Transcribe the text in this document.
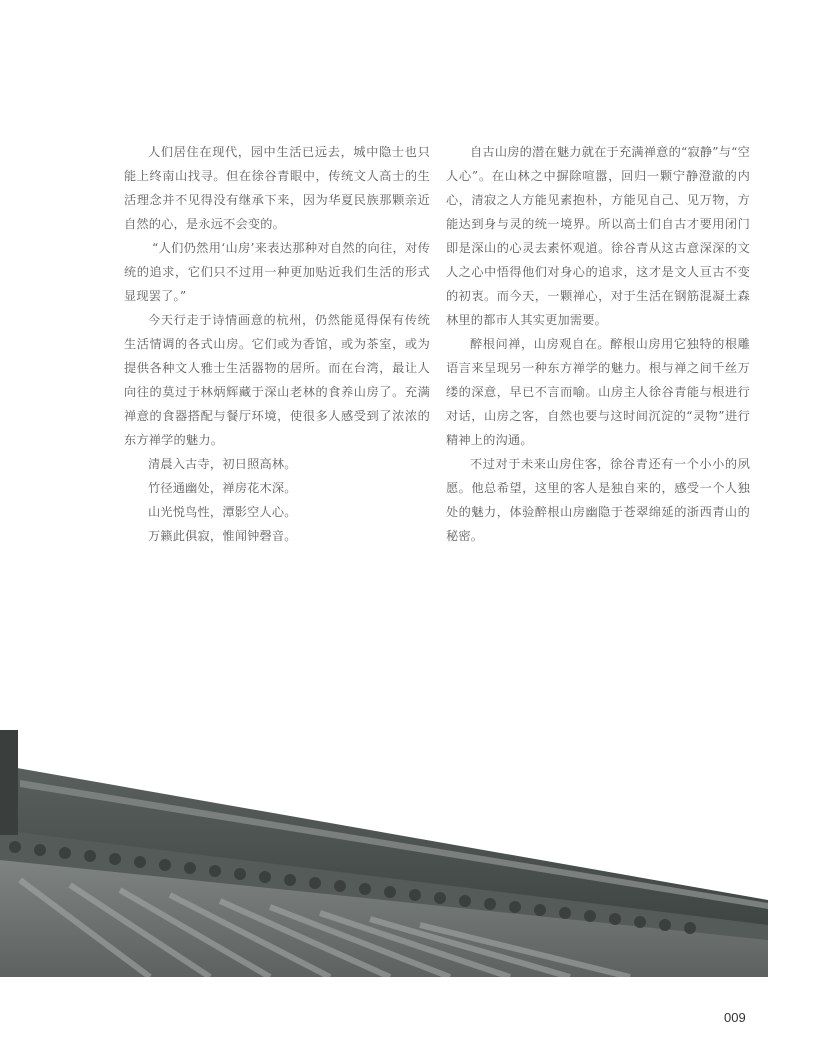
人们居住在现代，园中生活已远去，城中隐士也只能上终南山找寻。但在徐谷青眼中，传统文人高士的生活理念并不见得没有继承下来，因为华夏民族那颗亲近自然的心，是永远不会变的。

“人们仍然用‘山房’来表达那种对自然的向往，对传统的追求，它们只不过用一种更加贴近我们生活的形式显现罢了。”

今天行走于诗情画意的杭州，仍然能觅得保有传统生活情调的各式山房。它们或为香馆，或为茶室，或为提供各种文人雅士生活器物的居所。而在台湾，最让人向往的莫过于林炳辉藏于深山老林的食养山房了。充满禅意的食器搭配与餐厅环境，使很多人感受到了浓浓的东方禅学的魅力。

清晨入古寺，初日照高林。

竹径通幽处，禅房花木深。

山光悦鸟性，潭影空人心。

万籁此俱寂，惟闻钟磬音。

自古山房的潜在魅力就在于充满禅意的“寂静”与“空人心”。在山林之中摒除喧嚣，回归一颗宁静澄澈的内心，清寂之人方能见素抱朴，方能见自己、见万物，方能达到身与灵的统一境界。所以高士们自古才要用闭门即是深山的心灵去素怀观道。徐谷青从这古意深深的文人之心中悟得他们对身心的追求，这才是文人亘古不变的初衷。而今天，一颗禅心，对于生活在钢筋混凝土森林里的都市人其实更加需要。

醉根问禅，山房观自在。醉根山房用它独特的根雕语言来呈现另一种东方禅学的魅力。根与禅之间千丝万缕的深意，早已不言而喻。山房主人徐谷青能与根进行对话，山房之客，自然也要与这时间沉淀的“灵物”进行精神上的沟通。

不过对于未来山房住客，徐谷青还有一个小小的夙愿。他总希望，这里的客人是独自来的，感受一个人独处的魅力，体验醉根山房幽隐于苍翠绵延的浙西青山的秘密。

009
